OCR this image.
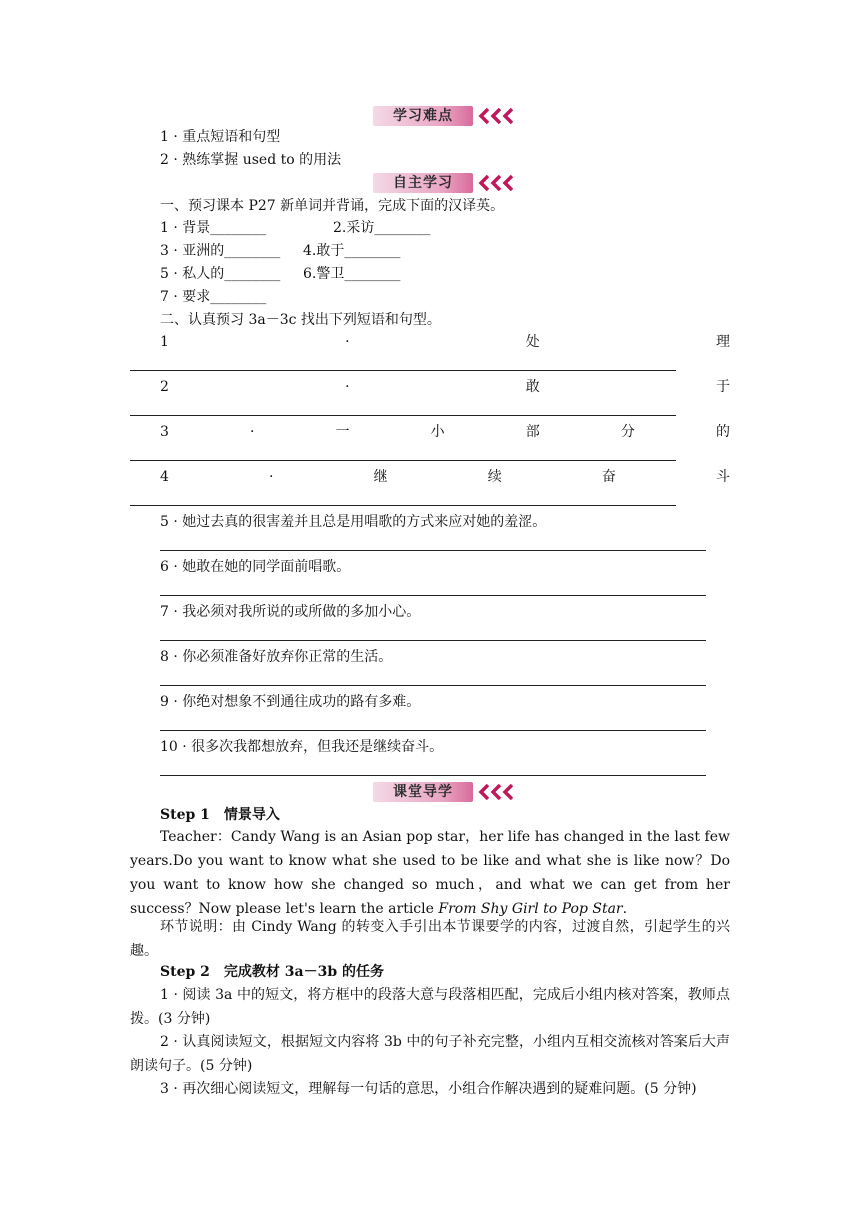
学习难点
1 · 重点短语和句型
2 · 熟练掌握 used to 的用法
自主学习
一、预习课本 P27 新单词并背诵，完成下面的汉译英。
1 · 背景________	2.采访________
3 · 亚洲的________ 4.敢于________
5 · 私人的________ 6.警卫________
7 · 要求________
二、认真预习 3a－3c 找出下列短语和句型。
1	·	处	理
2	·	敢	于
3	·	一	小	部	分	的
4	·	继	续	奋	斗
5 · 她过去真的很害羞并且总是用唱歌的方式来应对她的羞涩。
6 · 她敢在她的同学面前唱歌。
7 · 我必须对我所说的或所做的多加小心。
8 · 你必须准备好放弃你正常的生活。
9 · 你绝对想象不到通往成功的路有多难。
10 · 很多次我都想放弃，但我还是继续奋斗。
课堂导学
Step 1　情景导入
Teacher：Candy Wang is an Asian pop star，her life has changed in the last few years.Do you want to know what she used to be like and what she is like now？Do you want to know how she changed so much，and what we can get from her success？Now please let's learn the article From Shy Girl to Pop Star.
环节说明：由 Cindy Wang 的转变入手引出本节课要学的内容，过渡自然，引起学生的兴趣。
Step 2　完成教材 3a－3b 的任务
1 · 阅读 3a 中的短文，将方框中的段落大意与段落相匹配，完成后小组内核对答案，教师点拨。(3 分钟)
2 · 认真阅读短文，根据短文内容将 3b 中的句子补充完整，小组内互相交流核对答案后大声朗读句子。(5 分钟)
3 · 再次细心阅读短文，理解每一句话的意思，小组合作解决遇到的疑难问题。(5 分钟)
